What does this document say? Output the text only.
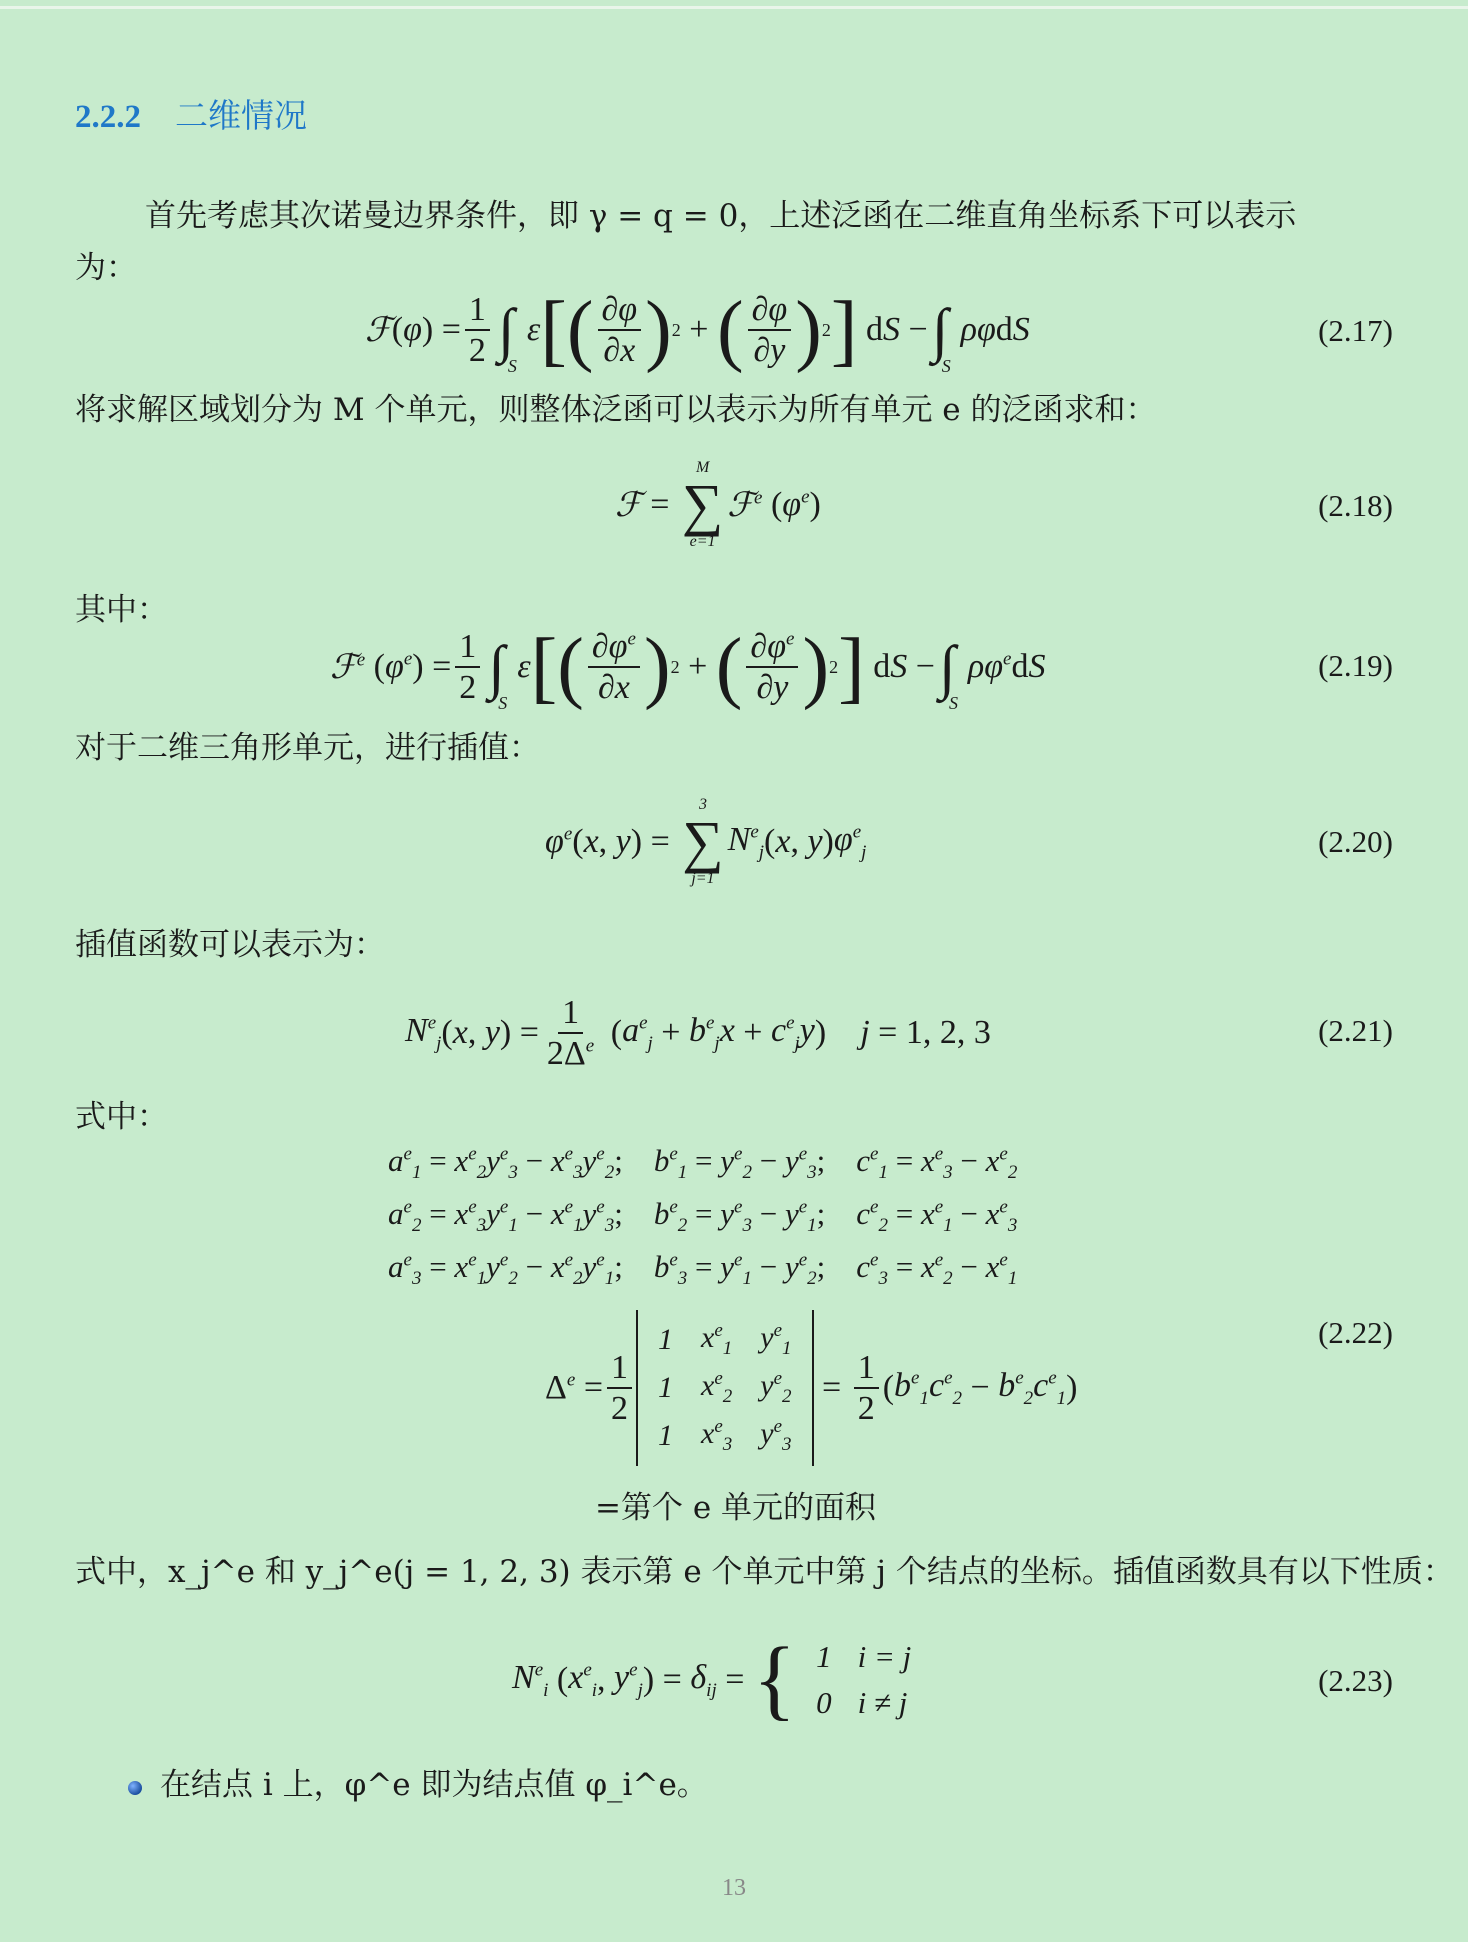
2.2.2 二维情况
首先考虑其次诺曼边界条件，即 γ = q = 0，上述泛函在二维直角坐标系下可以表示
为：
ℱ ( φ ) = $\frac{1}{2}$ ∫
S
ε [ ( $\frac{\partial\varphi}{\partial x}$ ) 2 + ( $\frac{\partial\varphi}{\partial y}$ ) 2 ] dS − ∫
S
ρφ dS	(2.17)
将求解区域划分为 M 个单元，则整体泛函可以表示为所有单元 e 的泛函求和：
ℱ =
M
∑
e=1
ℱ$^e$ ( $\varphi^e$ )	(2.18)
其中：
ℱ$^e$ ( $\varphi^e$ ) = $\frac{1}{2}$ ∫
S
ε [ ( $\frac{\partial\varphi^e}{\partial x}$ ) 2 + ( $\frac{\partial\varphi^e}{\partial y}$ ) 2 ] dS − ∫
S
$\rho\varphi^e$ dS	(2.19)
对于二维三角形单元，进行插值：
$\varphi^e$ (x, y) =
3
∑
j=1
$N^e_j$ (x, y) $\varphi^e_j$	(2.20)
插值函数可以表示为：
$N^e_j$ (x, $y) = \frac{1}{2\Delta^e}$ ( $a^e_j + b^e_jx + c^e_jy$ )	j = 1, 2, 3	(2.21)
式中：
$a^e_1 = x^e_2y^e_3 - x^e_3y^e_2$;    $b^e_1 = y^e_2 - y^e_3$;    $c^e_1 = x^e_3 - x^e_2$
$a^e_2 = x^e_3y^e_1 - x^e_1y^e_3$;    $b^e_2 = y^e_3 - y^e_1$;    $c^e_2 = x^e_1 - x^e_3$
$a^e_3 = x^e_1y^e_2 - x^e_2y^e_1$;    $b^e_3 = y^e_1 - y^e_2$;    $c^e_3 = x^e_2 - x^e_1$
$\Delta^e = \frac{1}{2}$
1	$x^e_1$	$y^e_1$
1	$x^e_2$	$y^e_2$
1	$x^e_3$	$y^e_3$
= $\frac{1}{2}$ ( $b^e_1c^e_2 - b^e_2c^e_1$ )
(2.22)
=第个 e 单元的面积
式中，x_j^e 和 y_j^e(j = 1, 2, 3) 表示第 e 个单元中第 j 个结点的坐标。插值函数具有以下性质：
$N^e_i$ ( $x^e_i$ , $y^e_j$ ) = $\delta_{ij}$ = { 1	i = j
0	i ≠ j
(2.23)
在结点 i 上，φ^e 即为结点值 φ_i^e。
13
